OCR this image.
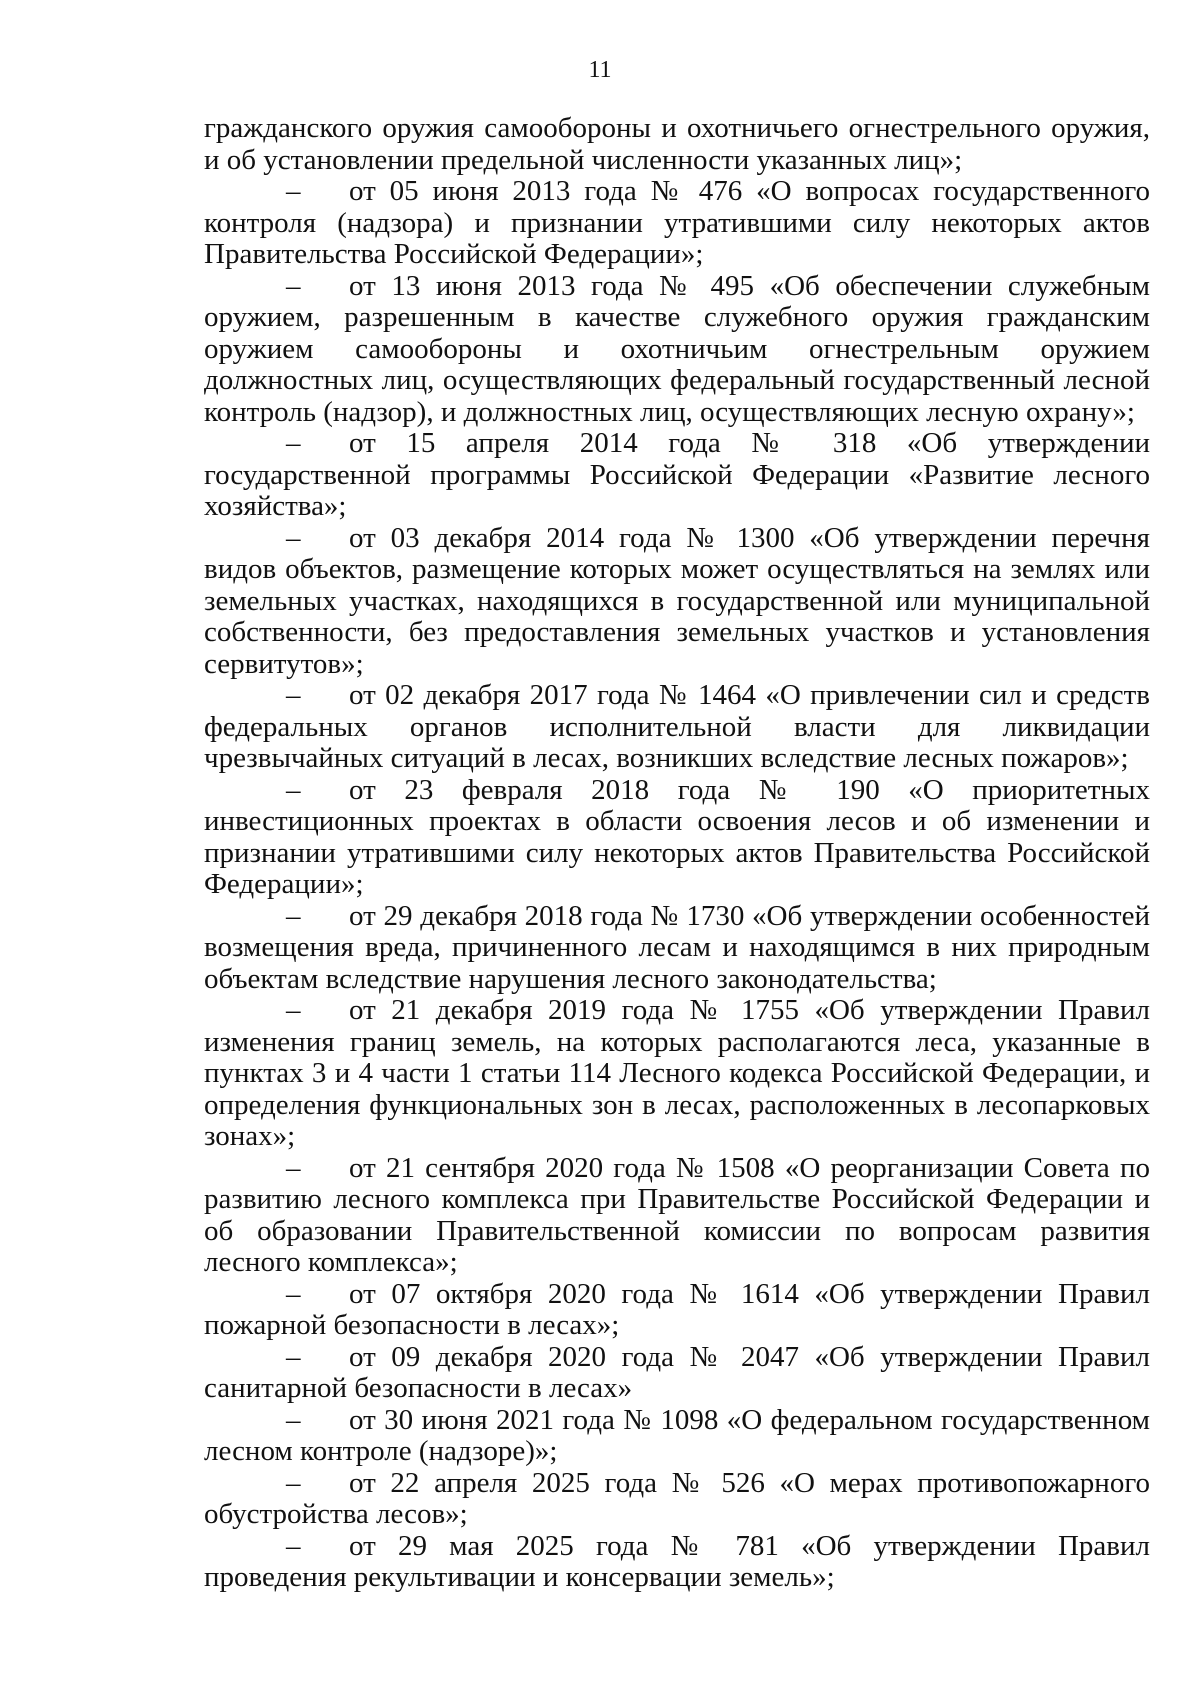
11

гражданского оружия самообороны и охотничьего огнестрельного оружия, и об установлении предельной численности указанных лиц»;

– от 05 июня 2013 года № 476 «О вопросах государственного контроля (надзора) и признании утратившими силу некоторых актов Правительства Российской Федерации»;

– от 13 июня 2013 года № 495 «Об обеспечении служебным оружием, разрешенным в качестве служебного оружия гражданским оружием самообороны и охотничьим огнестрельным оружием должностных лиц, осуществляющих федеральный государственный лесной контроль (надзор), и должностных лиц, осуществляющих лесную охрану»;

– от 15 апреля 2014 года № 318 «Об утверждении государственной программы Российской Федерации «Развитие лесного хозяйства»;

– от 03 декабря 2014 года № 1300 «Об утверждении перечня видов объектов, размещение которых может осуществляться на землях или земельных участках, находящихся в государственной или муниципальной собственности, без предоставления земельных участков и установления сервитутов»;

– от 02 декабря 2017 года № 1464 «О привлечении сил и средств федеральных органов исполнительной власти для ликвидации чрезвычайных ситуаций в лесах, возникших вследствие лесных пожаров»;

– от 23 февраля 2018 года № 190 «О приоритетных инвестиционных проектах в области освоения лесов и об изменении и признании утратившими силу некоторых актов Правительства Российской Федерации»;

– от 29 декабря 2018 года № 1730 «Об утверждении особенностей возмещения вреда, причиненного лесам и находящимся в них природным объектам вследствие нарушения лесного законодательства;

– от 21 декабря 2019 года № 1755 «Об утверждении Правил изменения границ земель, на которых располагаются леса, указанные в пунктах 3 и 4 части 1 статьи 114 Лесного кодекса Российской Федерации, и определения функциональных зон в лесах, расположенных в лесопарковых зонах»;

– от 21 сентября 2020 года № 1508 «О реорганизации Совета по развитию лесного комплекса при Правительстве Российской Федерации и об образовании Правительственной комиссии по вопросам развития лесного комплекса»;

– от 07 октября 2020 года № 1614 «Об утверждении Правил пожарной безопасности в лесах»;

– от 09 декабря 2020 года № 2047 «Об утверждении Правил санитарной безопасности в лесах»

– от 30 июня 2021 года № 1098 «О федеральном государственном лесном контроле (надзоре)»;

– от 22 апреля 2025 года № 526 «О мерах противопожарного обустройства лесов»;

– от 29 мая 2025 года № 781 «Об утверждении Правил проведения рекультивации и консервации земель»;
